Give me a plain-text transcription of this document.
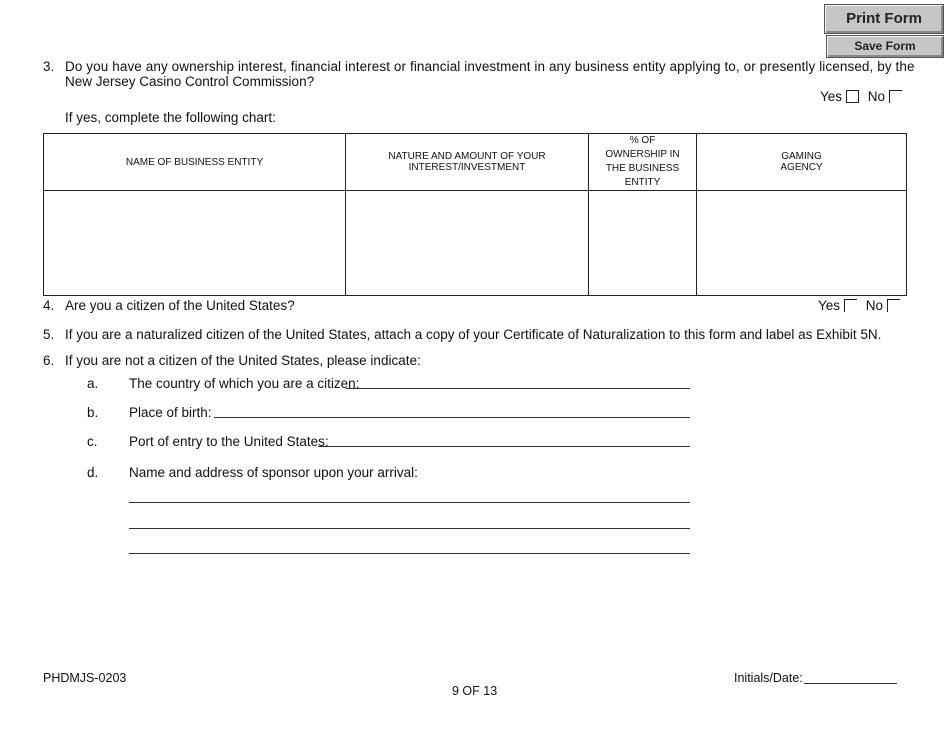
Print Form
Save Form
3. Do you have any ownership interest, financial interest or financial investment in any business entity applying to, or presently licensed, by the
New Jersey Casino Control Commission?
Yes No
If yes, complete the following chart:
NAME OF BUSINESS ENTITY	NATURE AND AMOUNT OF YOUR INTEREST/INVESTMENT	% OF OWNERSHIP IN THE BUSINESS ENTITY	GAMING AGENCY

4. Are you a citizen of the United States?	Yes No
5. If you are a naturalized citizen of the United States, attach a copy of your Certificate of Naturalization to this form and label as Exhibit 5N.
6. If you are not a citizen of the United States, please indicate:
a. The country of which you are a citizen:
b. Place of birth:
c. Port of entry to the United States:
d. Name and address of sponsor upon your arrival:
PHDMJS-0203
9 OF 13
Initials/Date:
